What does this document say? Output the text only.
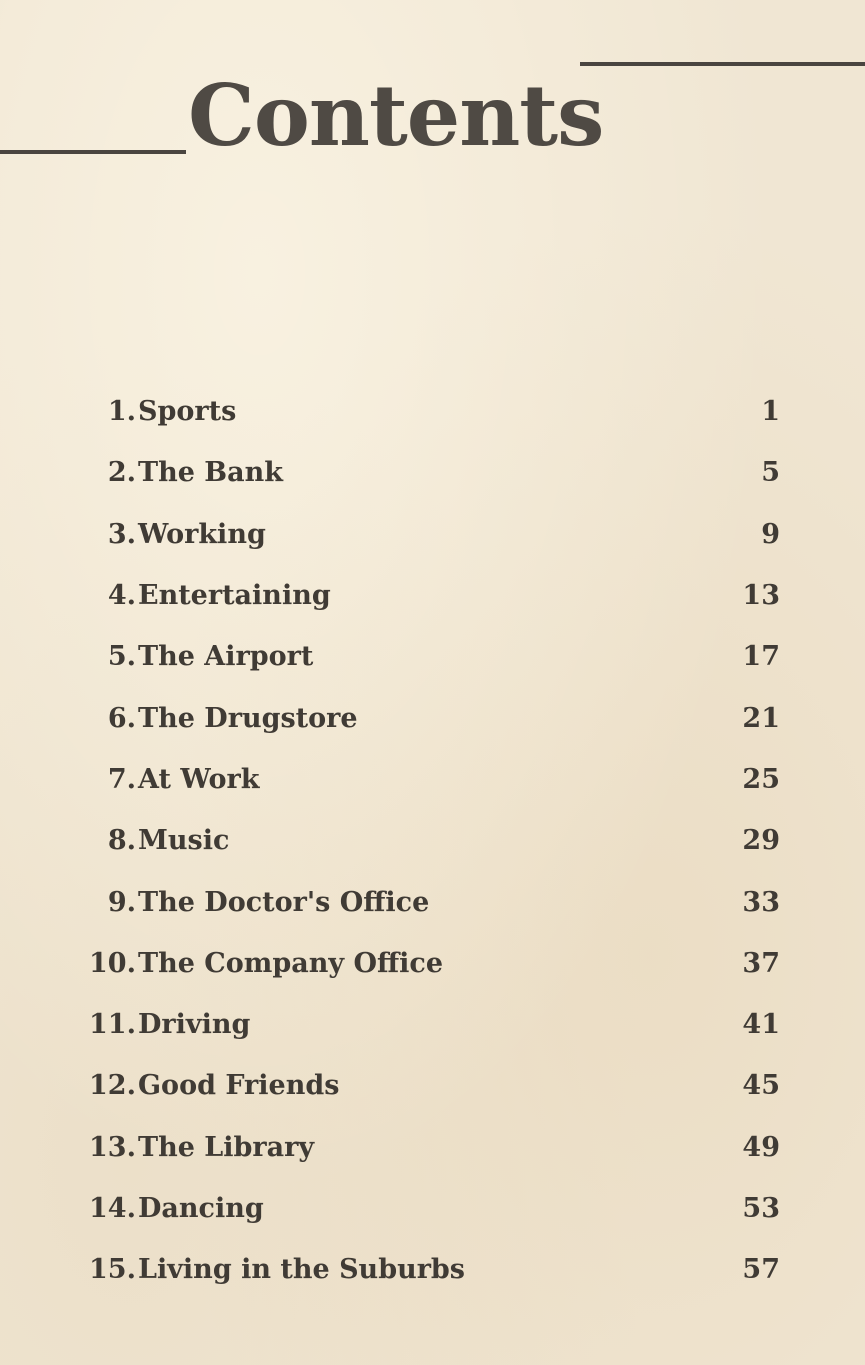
Contents
1. Sports	1
2. The Bank	5
3. Working	9
4. Entertaining	13
5. The Airport	17
6. The Drugstore	21
7. At Work	25
8. Music	29
9. The Doctor's Office	33
10. The Company Office	37
11. Driving	41
12. Good Friends	45
13. The Library	49
14. Dancing	53
15. Living in the Suburbs	57
